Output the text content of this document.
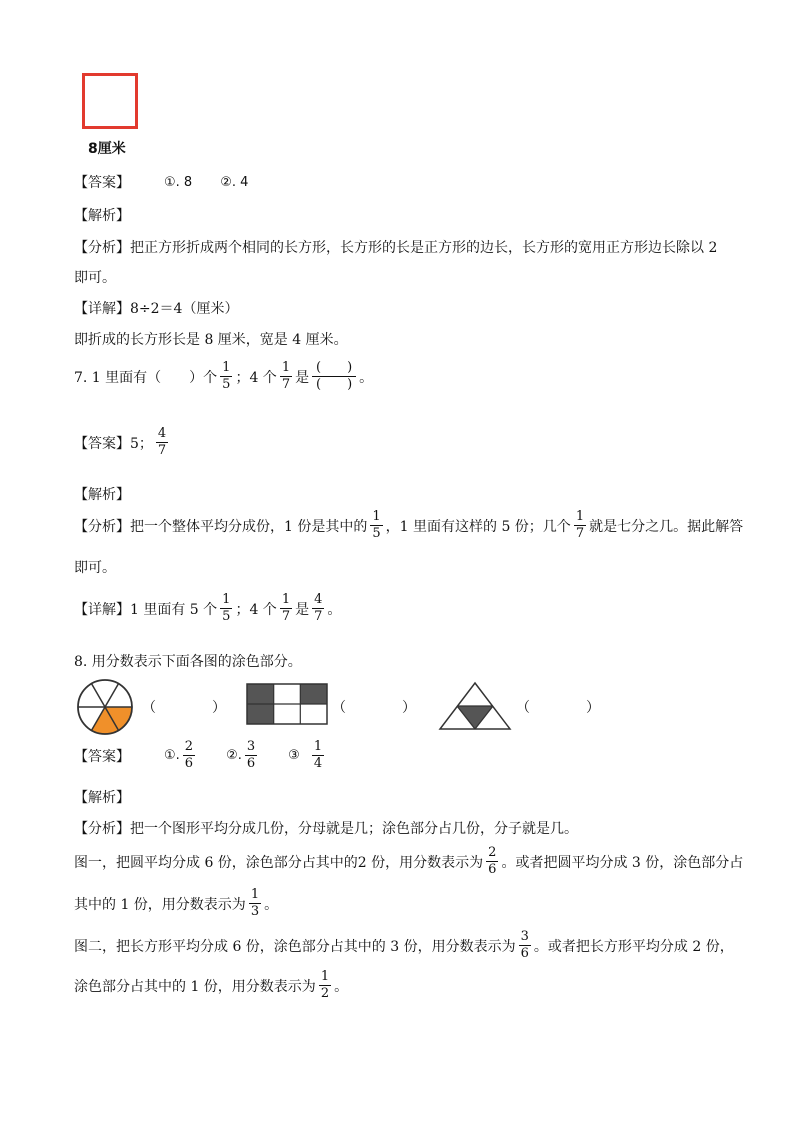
8厘米
【答案】	①. 8 ②. 4
【解析】
【分析】把正方形折成两个相同的长方形，长方形的长是正方形的边长，长方形的宽用正方形边长除以 2
即可。
【详解】8÷2＝4（厘米）
即折成的长方形长是 8 厘米，宽是 4 厘米。
7. 1 里面有（　　）个 $\frac{1}{5}$ ；4 个 $\frac{1}{7}$ 是 $\frac{( )}{( )}$ 。
【答案】 5； $\frac{4}{7}$
【解析】
【分析】把一个整体平均分成份，1 份是其中的 $\frac{1}{5}$ ，1 里面有这样的 5 份；几个 $\frac{1}{7}$ 就是七分之几。据此解答
即可。
【详解】1 里面有 5 个 $\frac{1}{5}$ ；4 个 $\frac{1}{7}$ 是 $\frac{4}{7}$ 。
8. 用分数表示下面各图的涂色部分。
（　　　　）	（　　　　）	（　　　　）
【答案】	①. $\frac{2}{6}$ ②. $\frac{3}{6}$ ③ $\frac{1}{4}$
【解析】
【分析】把一个图形平均分成几份，分母就是几；涂色部分占几份，分子就是几。
图一，把圆平均分成 6 份，涂色部分占其中的2 份，用分数表示为 $\frac{2}{6}$ 。或者把圆平均分成 3 份，涂色部分占
其中的 1 份，用分数表示为 $\frac{1}{3}$ 。
图二，把长方形平均分成 6 份，涂色部分占其中的 3 份，用分数表示为 $\frac{3}{6}$ 。或者把长方形平均分成 2 份，
涂色部分占其中的 1 份，用分数表示为 $\frac{1}{2}$ 。
